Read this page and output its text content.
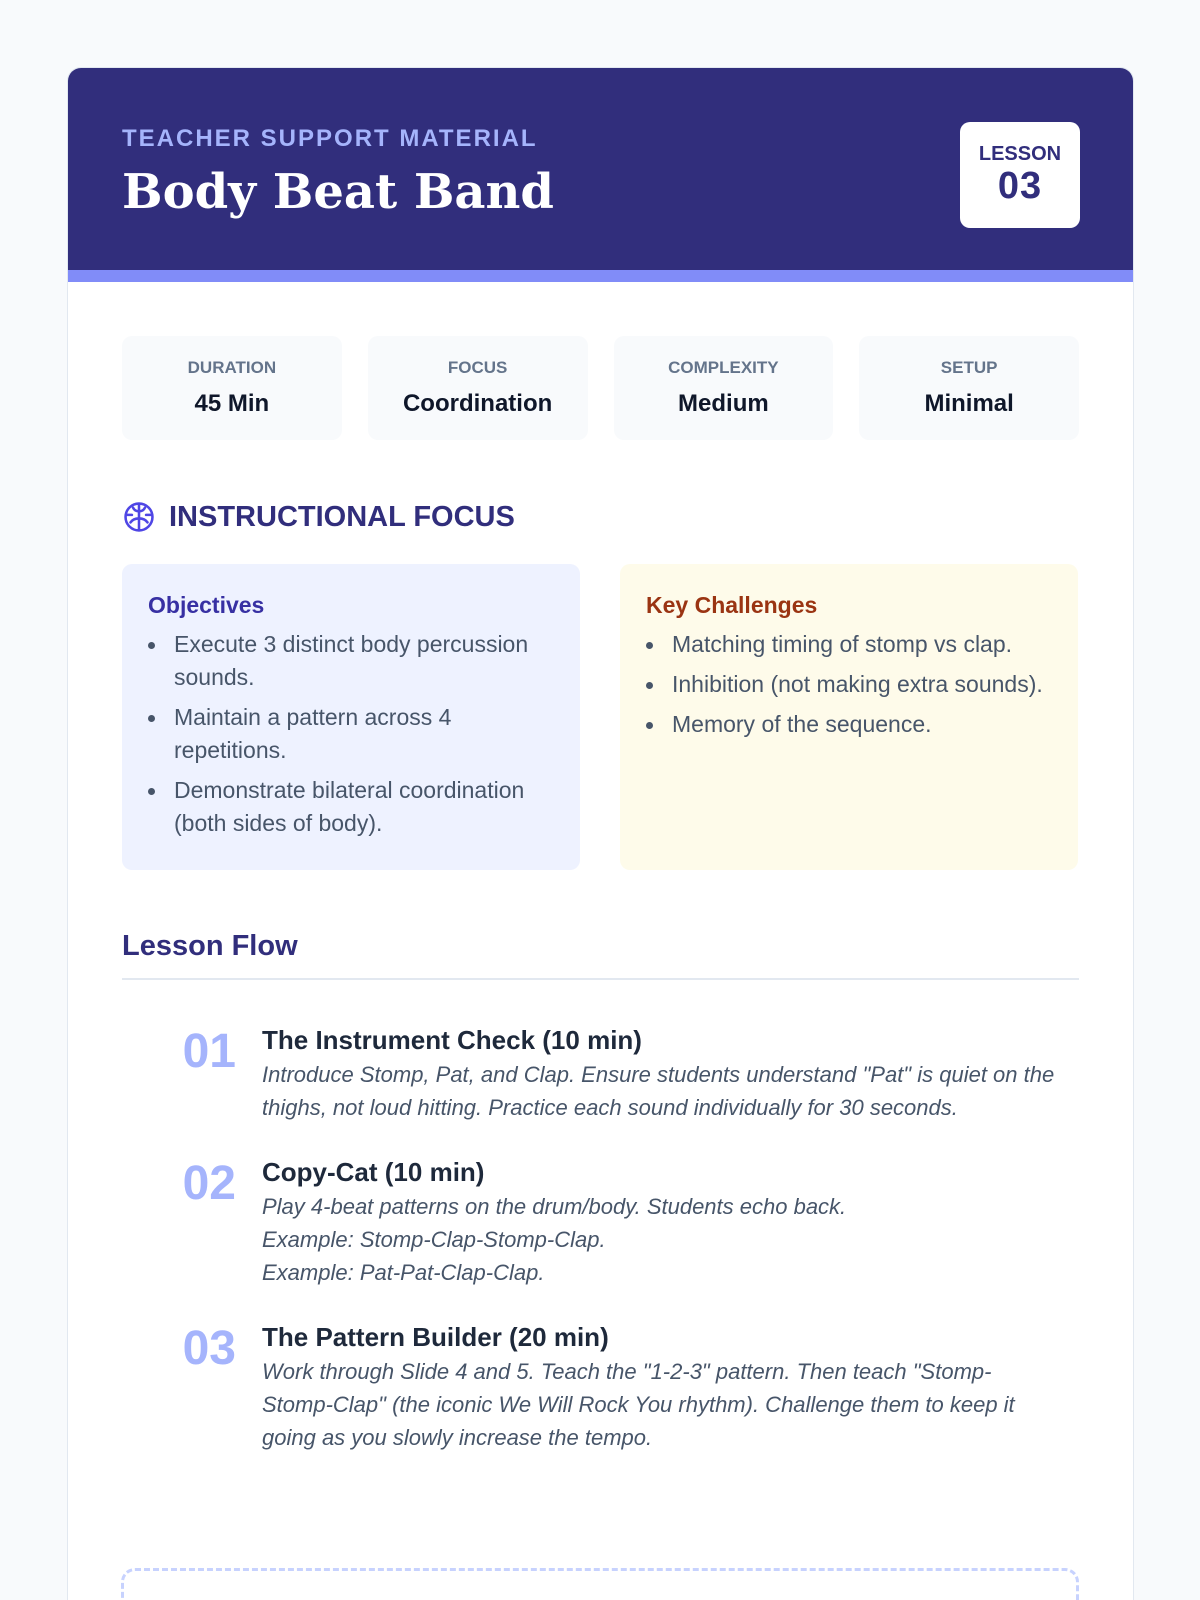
TEACHER SUPPORT MATERIAL
Body Beat Band
LESSON
03
DURATION
45 Min
FOCUS
Coordination
COMPLEXITY
Medium
SETUP
Minimal
INSTRUCTIONAL FOCUS
Objectives
Execute 3 distinct body percussion sounds.
Maintain a pattern across 4 repetitions.
Demonstrate bilateral coordination (both sides of body).
Key Challenges
Matching timing of stomp vs clap.
Inhibition (not making extra sounds).
Memory of the sequence.
Lesson Flow
01	The Instrument Check (10 min)
Introduce Stomp, Pat, and Clap. Ensure students understand "Pat" is quiet on the thighs, not loud hitting. Practice each sound individually for 30 seconds.
02	Copy-Cat (10 min)
Play 4-beat patterns on the drum/body. Students echo back.
Example: Stomp-Clap-Stomp-Clap.
Example: Pat-Pat-Clap-Clap.
03	The Pattern Builder (20 min)
Work through Slide 4 and 5. Teach the "1-2-3" pattern. Then teach "Stomp-Stomp-Clap" (the iconic We Will Rock You rhythm). Challenge them to keep it going as you slowly increase the tempo.
